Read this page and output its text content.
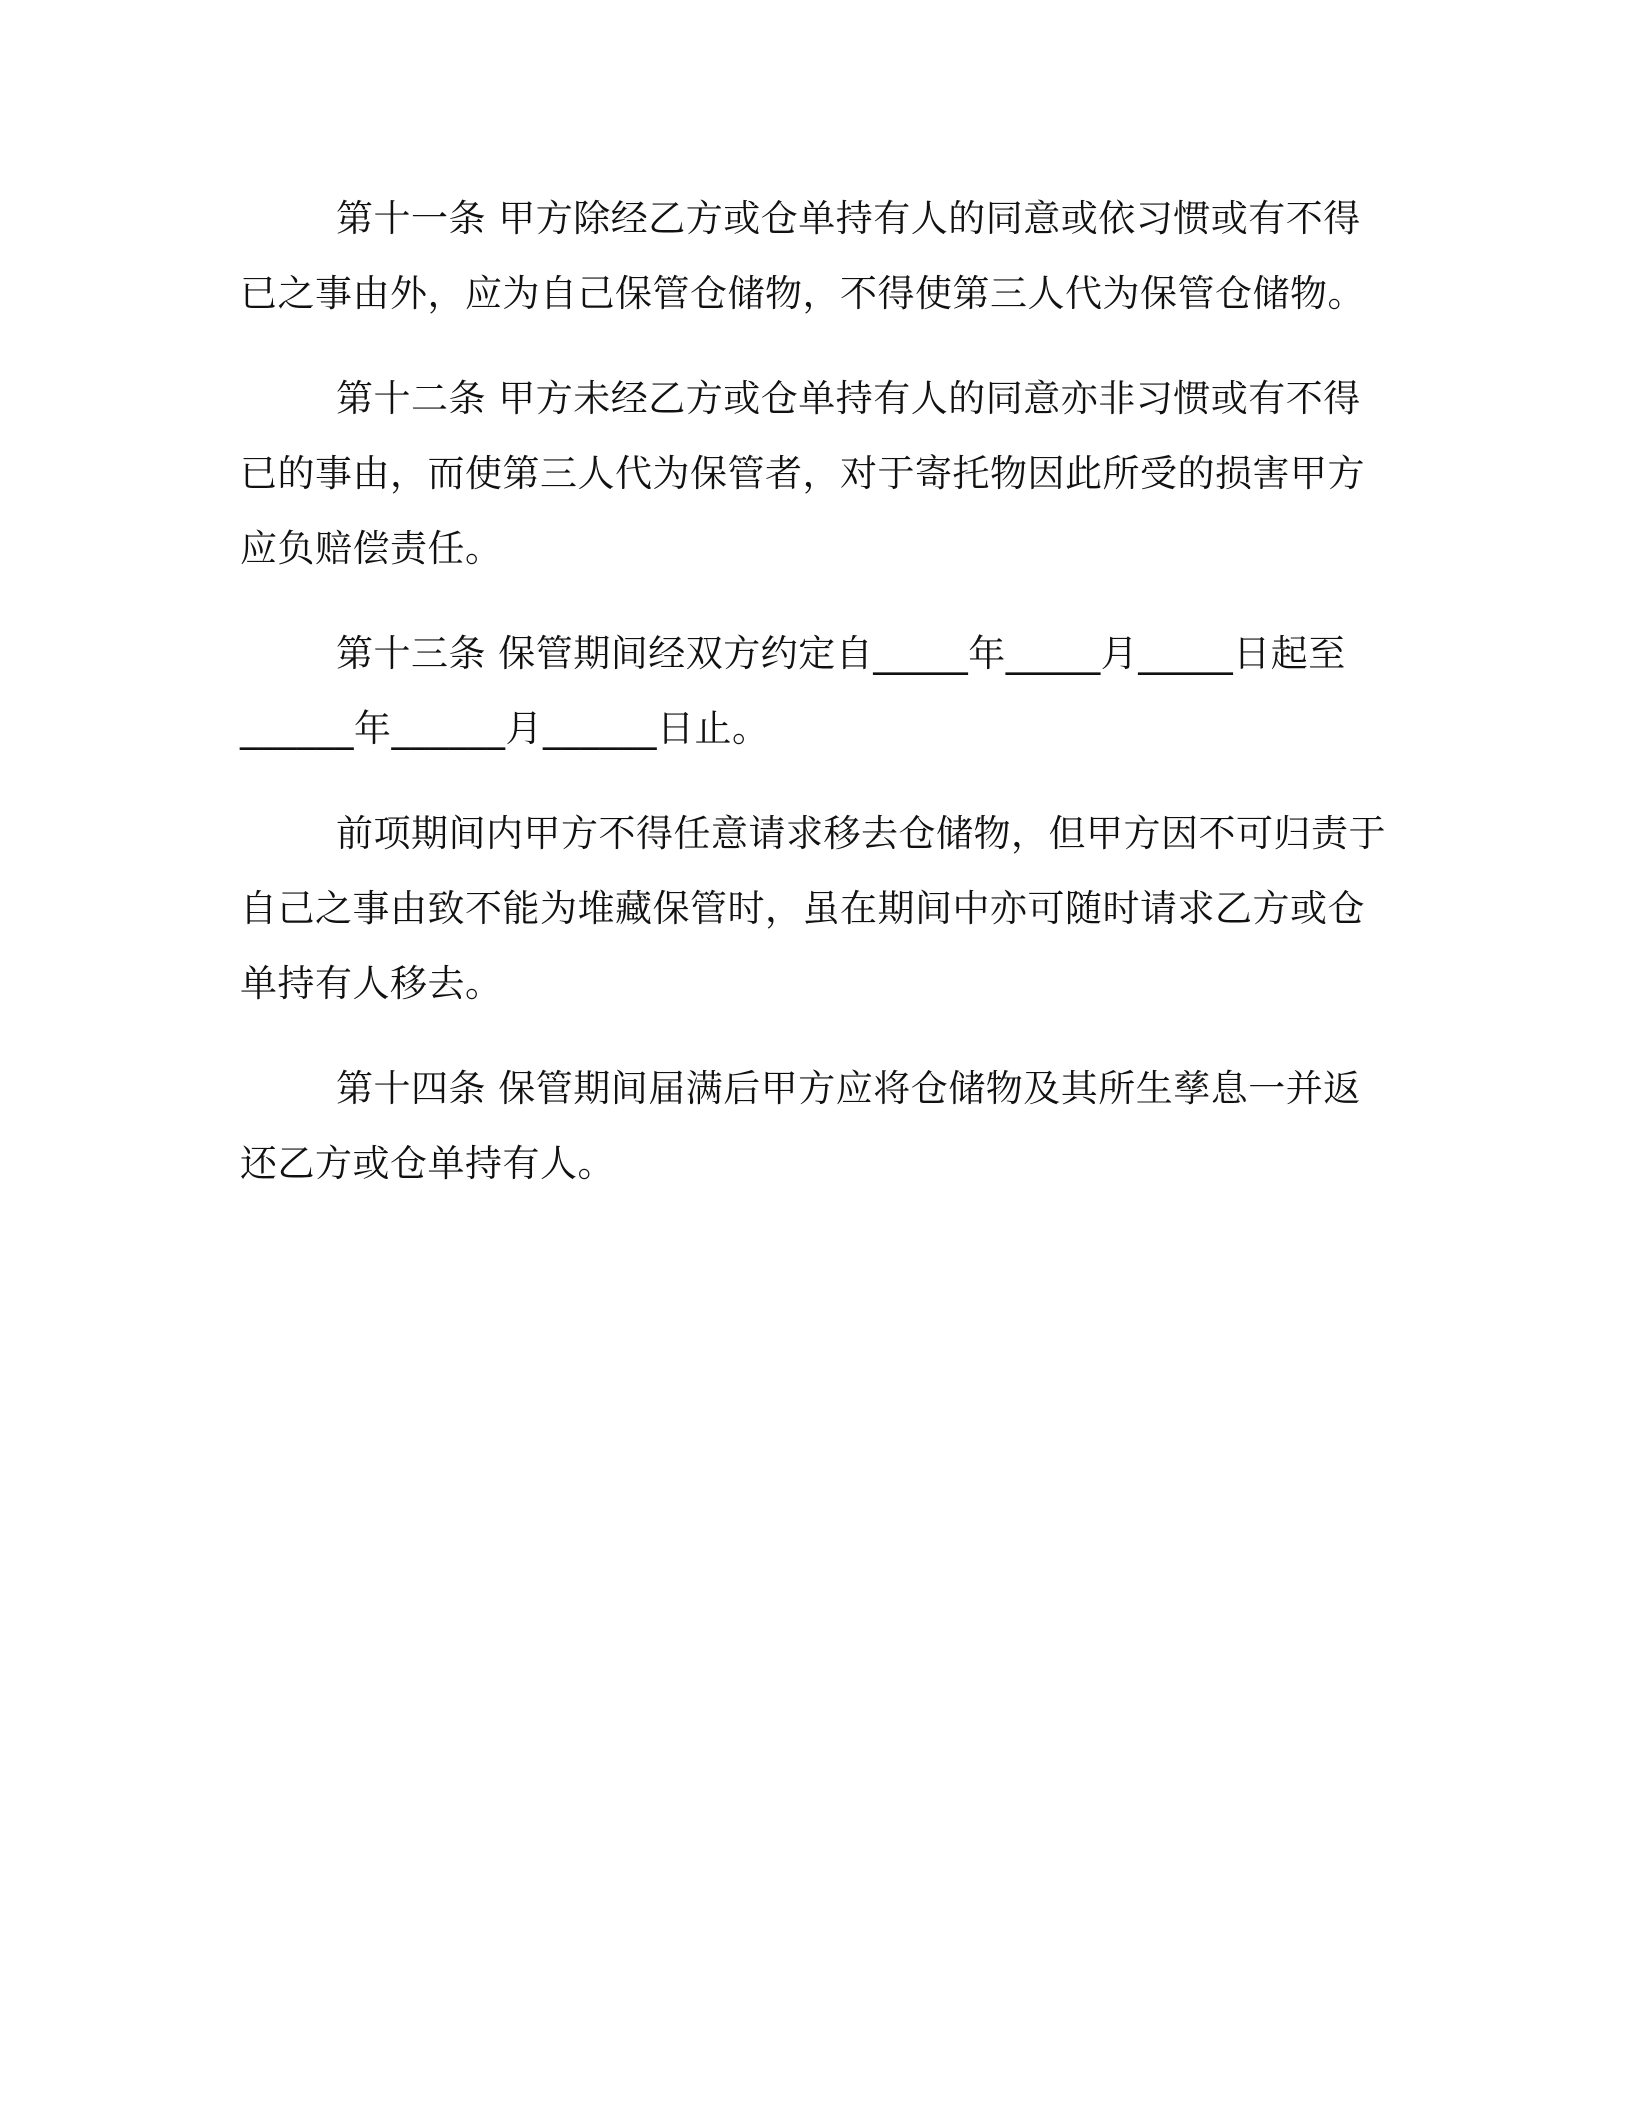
第十一条 甲方除经乙方或仓单持有人的同意或依习惯或有不得
已之事由外，应为自己保管仓储物，不得使第三人代为保管仓储物。
第十二条 甲方未经乙方或仓单持有人的同意亦非习惯或有不得
已的事由，而使第三人代为保管者，对于寄托物因此所受的损害甲方
应负赔偿责任。
第十三条 保管期间经双方约定自_____年_____月_____日起至
______年______月______日止。
前项期间内甲方不得任意请求移去仓储物，但甲方因不可归责于
自己之事由致不能为堆藏保管时，虽在期间中亦可随时请求乙方或仓
单持有人移去。
第十四条 保管期间届满后甲方应将仓储物及其所生孳息一并返
还乙方或仓单持有人。
